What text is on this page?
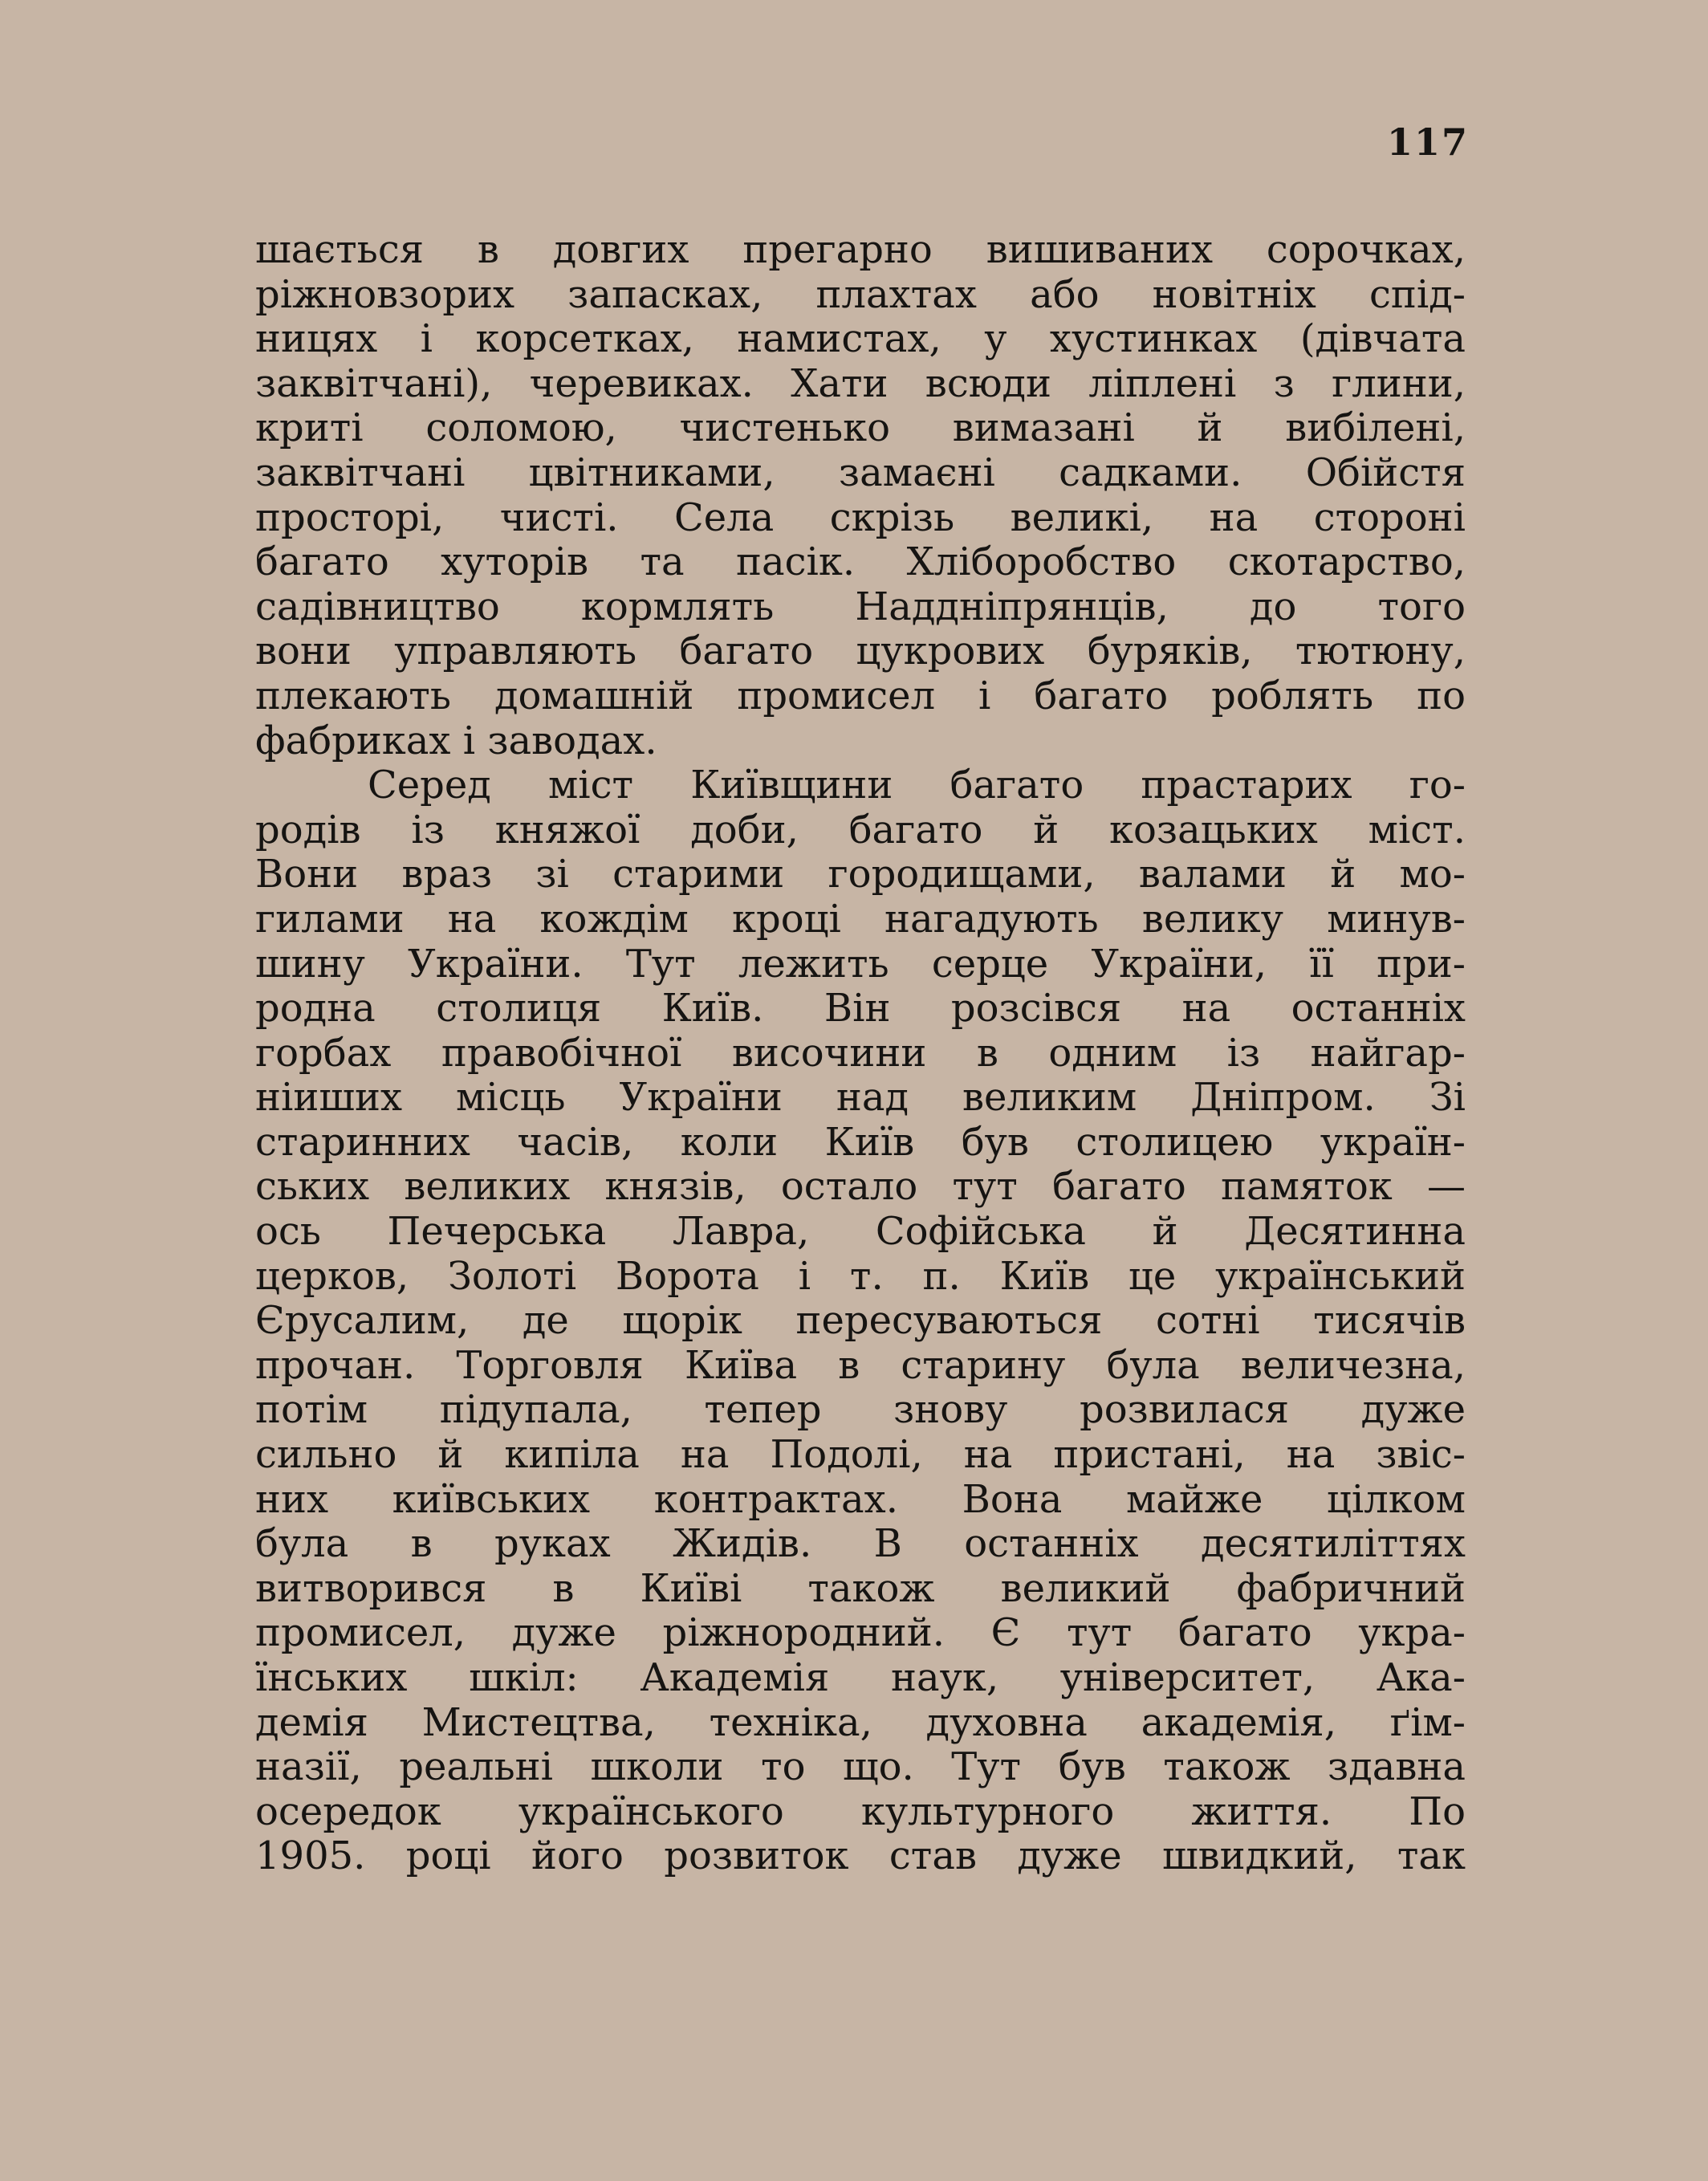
117
шається в довгих прегарно вишиваних сорочках,
ріжновзорих запасках, плахтах або новітніх спід-
ницях і корсетках, намистах, у хустинках (дівчата
заквітчані), черевиках. Хати всюди ліплені з глини,
криті соломою, чистенько вимазані й вибілені,
заквітчані цвітниками, замаєні садками. Обійстя
просторі, чисті. Села скрізь великі, на стороні
багато хуторів та пасік. Хліборобство скотарство,
садівництво кормлять Наддніпрянців, до того
вони управляють багато цукрових буряків, тютюну,
плекають домашній промисел і багато роблять по
фабриках і заводах.
Серед міст Київщини багато прастарих го-
родів із княжої доби, багато й козацьких міст.
Вони враз зі старими городищами, валами й мо-
гилами на кождім кроці нагадують велику минув-
шину України. Тут лежить серце України, її при-
родна столиця Київ. Він розсівся на останніх
горбах правобічної височини в одним із найгар-
ніиших місць України над великим Дніпром. Зі
старинних часів, коли Київ був столицею україн-
ських великих князів, остало тут багато памяток —
ось Печерська Лавра, Софійська й Десятинна
церков, Золоті Ворота і т. п. Київ це український
Єрусалим, де щорік пересуваються сотні тисячів
прочан. Торговля Київа в старину була величезна,
потім підупала, тепер знову розвилася дуже
сильно й кипіла на Подолі, на пристані, на звіс-
них київських контрактах. Вона майже цілком
була в руках Жидів. В останніх десятиліттях
витворився в Київі також великий фабричний
промисел, дуже ріжнородний. Є тут багато укра-
їнських шкіл: Академія наук, університет, Ака-
демія Мистецтва, техніка, духовна академія, ґім-
назії, реальні школи то що. Тут був також здавна
осередок українського культурного життя. По
1905. році його розвиток став дуже швидкий, так
